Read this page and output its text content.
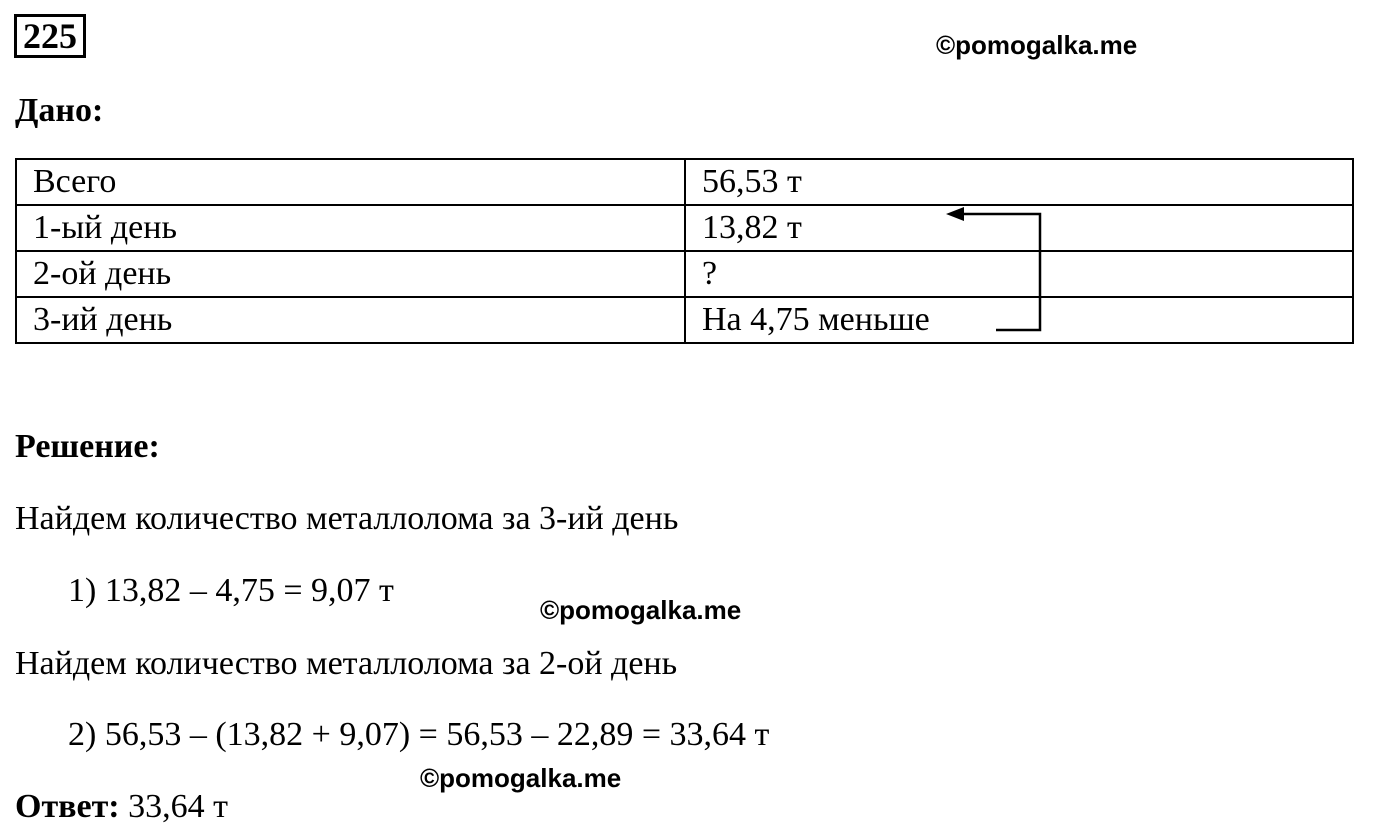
225	©pomogalka.me
Дано:
Всего	56,53 т
1-ый день	13,82 т
2-ой день	?
3-ий день	На 4,75 меньше
Решение:
Найдем количество металлолома за 3-ий день
1) 13,82 – 4,75 = 9,07 т
©pomogalka.me
Найдем количество металлолома за 2-ой день
2) 56,53 – (13,82 + 9,07) = 56,53 – 22,89 = 33,64 т
©pomogalka.me
Ответ: 33,64 т
